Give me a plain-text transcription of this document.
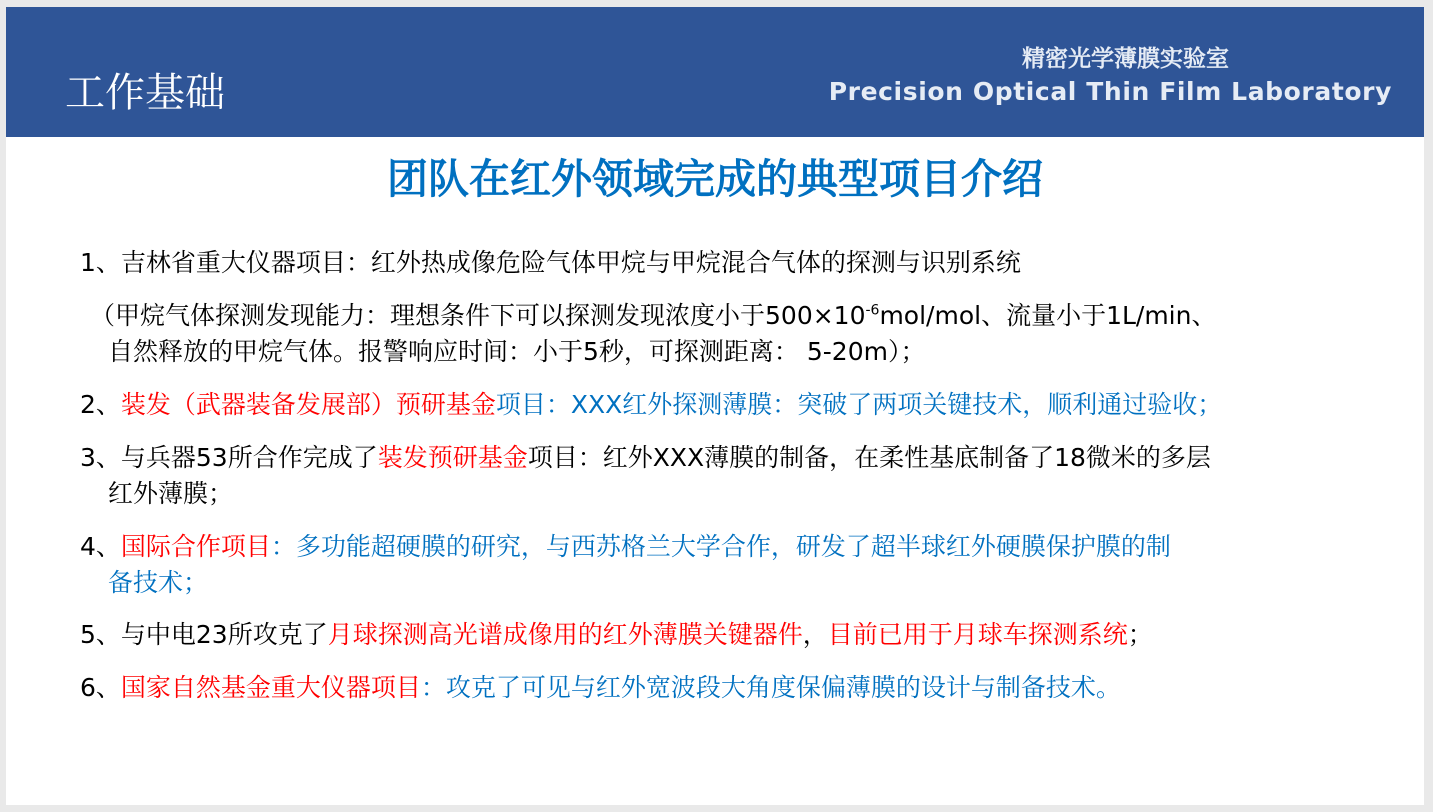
工作基础
精密光学薄膜实验室
Precision Optical Thin Film Laboratory
团队在红外领域完成的典型项目介绍
1、吉林省重大仪器项目：红外热成像危险气体甲烷与甲烷混合气体的探测与识别系统
（甲烷气体探测发现能力：理想条件下可以探测发现浓度小于$500\times 10^{-6}mol$/mol、流量小于1L/min、
自然释放的甲烷气体。报警响应时间：小于5秒，可探测距离： 5-20m）；
2、装发（武器装备发展部）预研基金项目：XXX红外探测薄膜：突破了两项关键技术，顺利通过验收；
3、与兵器53所合作完成了装发预研基金项目：红外XXX薄膜的制备，在柔性基底制备了18微米的多层
红外薄膜；
4、国际合作项目：多功能超硬膜的研究，与西苏格兰大学合作，研发了超半球红外硬膜保护膜的制
备技术；
5、与中电23所攻克了月球探测高光谱成像用的红外薄膜关键器件，目前已用于月球车探测系统；
6、国家自然基金重大仪器项目：攻克了可见与红外宽波段大角度保偏薄膜的设计与制备技术。
